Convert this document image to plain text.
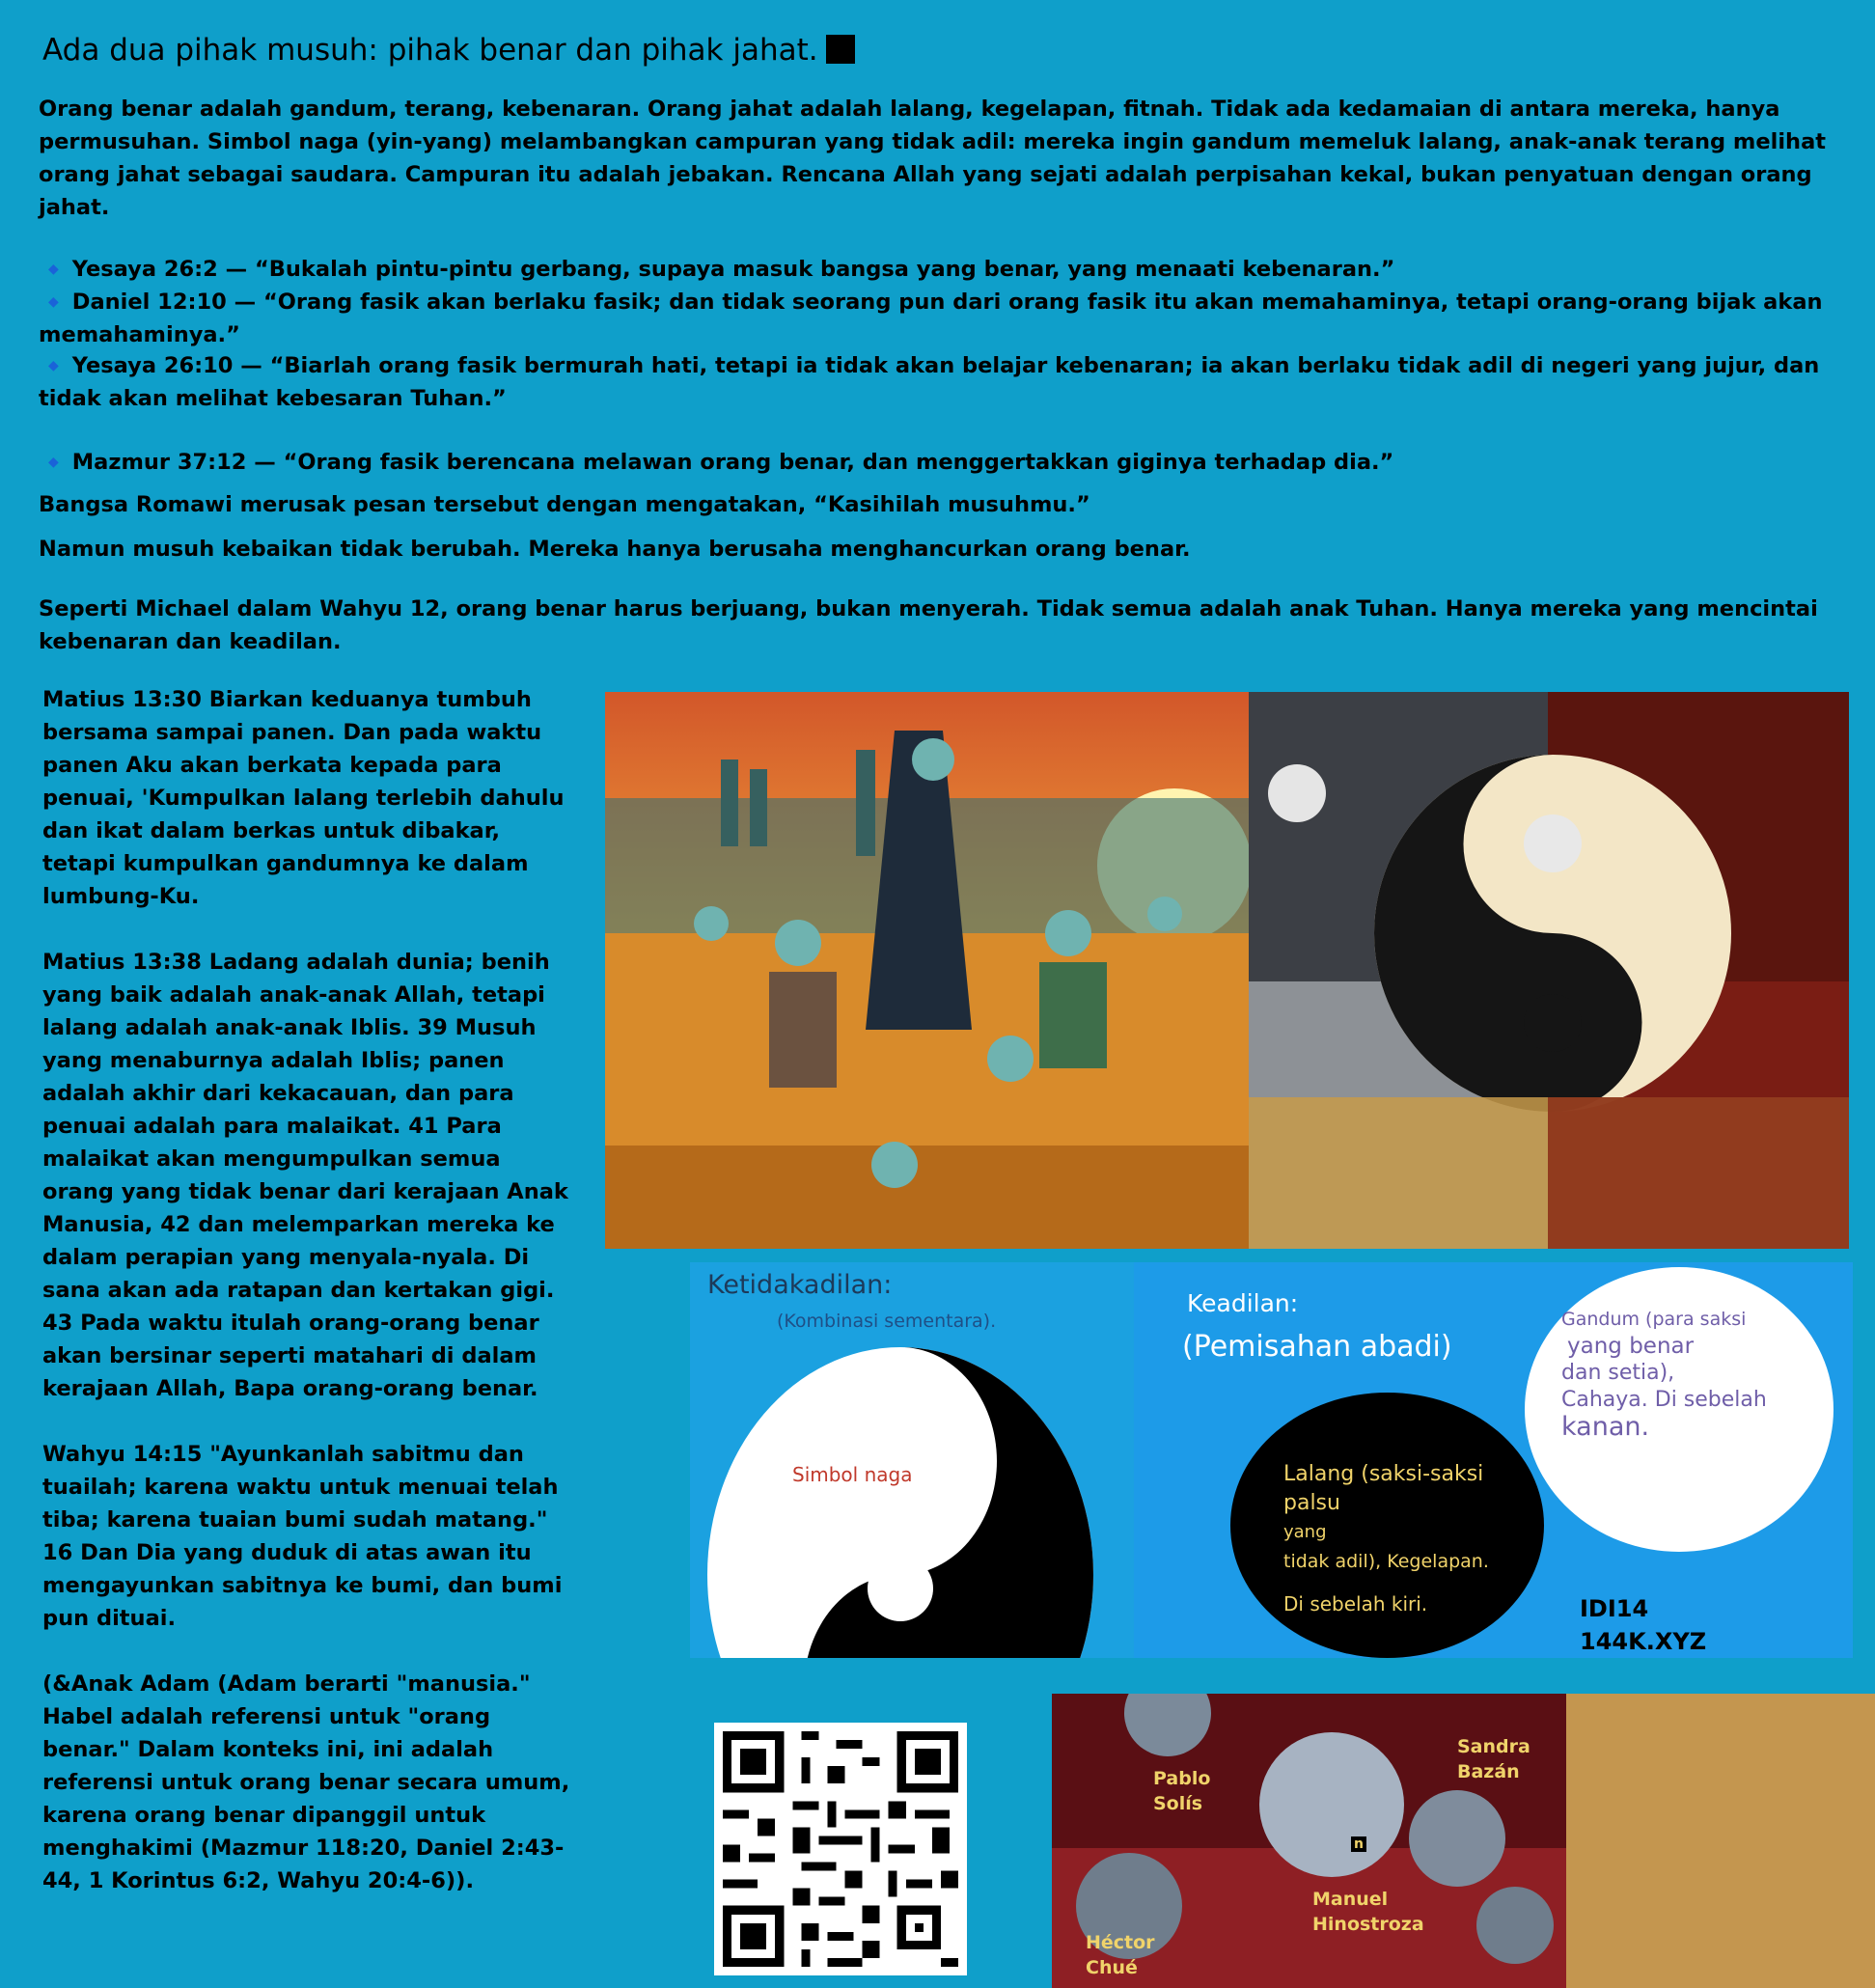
Ada dua pihak musuh: pihak benar dan pihak jahat.
Orang benar adalah gandum, terang, kebenaran. Orang jahat adalah lalang, kegelapan, fitnah. Tidak ada kedamaian di antara mereka, hanya permusuhan. Simbol naga (yin-yang) melambangkan campuran yang tidak adil: mereka ingin gandum memeluk lalang, anak-anak terang melihat orang jahat sebagai saudara. Campuran itu adalah jebakan. Rencana Allah yang sejati adalah perpisahan kekal, bukan penyatuan dengan orang jahat.
◆ Yesaya 26:2 — “Bukalah pintu-pintu gerbang, supaya masuk bangsa yang benar, yang menaati kebenaran.”
◆ Daniel 12:10 — “Orang fasik akan berlaku fasik; dan tidak seorang pun dari orang fasik itu akan memahaminya, tetapi orang-orang bijak akan memahaminya.”
◆ Yesaya 26:10 — “Biarlah orang fasik bermurah hati, tetapi ia tidak akan belajar kebenaran; ia akan berlaku tidak adil di negeri yang jujur, dan tidak akan melihat kebesaran Tuhan.”
◆ Mazmur 37:12 — “Orang fasik berencana melawan orang benar, dan menggertakkan giginya terhadap dia.”
Bangsa Romawi merusak pesan tersebut dengan mengatakan, “Kasihilah musuhmu.”
Namun musuh kebaikan tidak berubah. Mereka hanya berusaha menghancurkan orang benar.
Seperti Michael dalam Wahyu 12, orang benar harus berjuang, bukan menyerah. Tidak semua adalah anak Tuhan. Hanya mereka yang mencintai kebenaran dan keadilan.

Matius 13:30 Biarkan keduanya tumbuh bersama sampai panen. Dan pada waktu panen Aku akan berkata kepada para penuai, 'Kumpulkan lalang terlebih dahulu dan ikat dalam berkas untuk dibakar, tetapi kumpulkan gandumnya ke dalam lumbung-Ku.

Matius 13:38 Ladang adalah dunia; benih yang baik adalah anak-anak Allah, tetapi lalang adalah anak-anak Iblis. 39 Musuh yang menaburnya adalah Iblis; panen adalah akhir dari kekacauan, dan para penuai adalah para malaikat. 41 Para malaikat akan mengumpulkan semua orang yang tidak benar dari kerajaan Anak Manusia, 42 dan melemparkan mereka ke dalam perapian yang menyala-nyala. Di sana akan ada ratapan dan kertakan gigi. 43 Pada waktu itulah orang-orang benar akan bersinar seperti matahari di dalam kerajaan Allah, Bapa orang-orang benar.

Wahyu 14:15 "Ayunkanlah sabitmu dan tuailah; karena waktu untuk menuai telah tiba; karena tuaian bumi sudah matang." 16 Dan Dia yang duduk di atas awan itu mengayunkan sabitnya ke bumi, dan bumi pun dituai.

(&Anak Adam (Adam berarti "manusia." Habel adalah referensi untuk "orang benar." Dalam konteks ini, ini adalah referensi untuk orang benar secara umum, karena orang benar dipanggil untuk menghakimi (Mazmur 118:20, Daniel 2:43-44, 1 Korintus 6:2, Wahyu 20:4-6)).

Ketidakadilan:
(Kombinasi sementara).
Simbol naga
Keadilan:
(Pemisahan abadi)
Lalang (saksi-saksi
palsu
yang
tidak adil), Kegelapan.
Di sebelah kiri.
Gandum (para saksi
yang benar
dan setia),
Cahaya. Di sebelah
kanan.
IDI14
144K.XYZ
Pablo
Solís
Sandra
Bazán
n
Manuel
Hinostroza
Héctor
Chué
